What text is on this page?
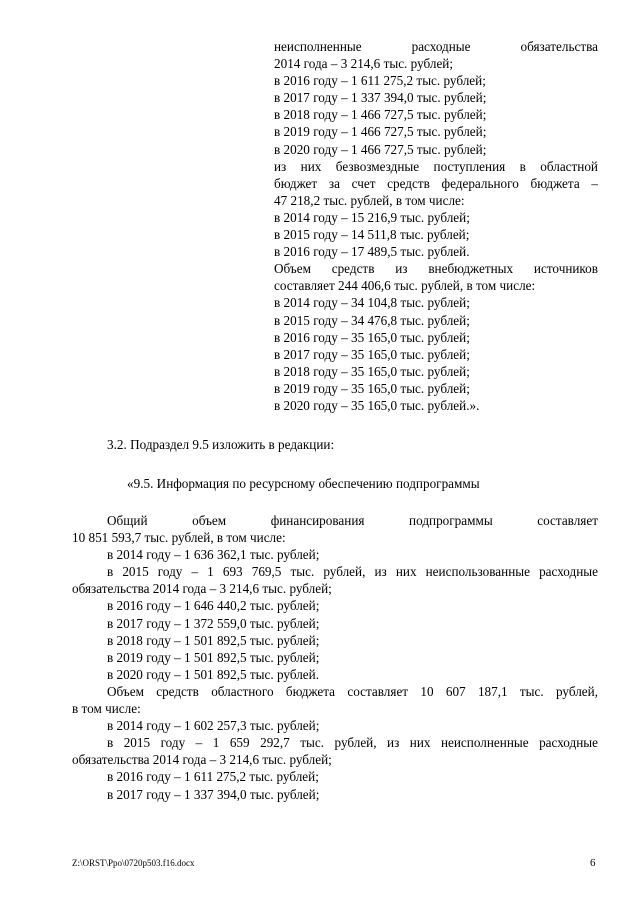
неисполненные расходные обязательства
2014 года – 3 214,6 тыс. рублей;
в 2016 году – 1 611 275,2 тыс. рублей;
в 2017 году – 1 337 394,0 тыс. рублей;
в 2018 году – 1 466 727,5 тыс. рублей;
в 2019 году – 1 466 727,5 тыс. рублей;
в 2020 году – 1 466 727,5 тыс. рублей;
из них безвозмездные поступления в областной
бюджет за счет средств федерального бюджета –
47 218,2 тыс. рублей, в том числе:
в 2014 году – 15 216,9 тыс. рублей;
в 2015 году – 14 511,8 тыс. рублей;
в 2016 году – 17 489,5 тыс. рублей.
Объем средств из внебюджетных источников
составляет 244 406,6 тыс. рублей, в том числе:
в 2014 году – 34 104,8 тыс. рублей;
в 2015 году – 34 476,8 тыс. рублей;
в 2016 году – 35 165,0 тыс. рублей;
в 2017 году – 35 165,0 тыс. рублей;
в 2018 году – 35 165,0 тыс. рублей;
в 2019 году – 35 165,0 тыс. рублей;
в 2020 году – 35 165,0 тыс. рублей.».
3.2. Подраздел 9.5 изложить в редакции:
«9.5. Информация по ресурсному обеспечению подпрограммы
Общий объем финансирования подпрограммы составляет
10 851 593,7 тыс. рублей, в том числе:
в 2014 году – 1 636 362,1 тыс. рублей;
в 2015 году – 1 693 769,5 тыс. рублей, из них неиспользованные расходные
обязательства 2014 года – 3 214,6 тыс. рублей;
в 2016 году – 1 646 440,2 тыс. рублей;
в 2017 году – 1 372 559,0 тыс. рублей;
в 2018 году – 1 501 892,5 тыс. рублей;
в 2019 году – 1 501 892,5 тыс. рублей;
в 2020 году – 1 501 892,5 тыс. рублей.
Объем средств областного бюджета составляет 10 607 187,1 тыс. рублей,
в том числе:
в 2014 году – 1 602 257,3 тыс. рублей;
в 2015 году – 1 659 292,7 тыс. рублей, из них неисполненные расходные
обязательства 2014 года – 3 214,6 тыс. рублей;
в 2016 году – 1 611 275,2 тыс. рублей;
в 2017 году – 1 337 394,0 тыс. рублей;
Z:\ORST\Ppo\0720p503.f16.docx	6
